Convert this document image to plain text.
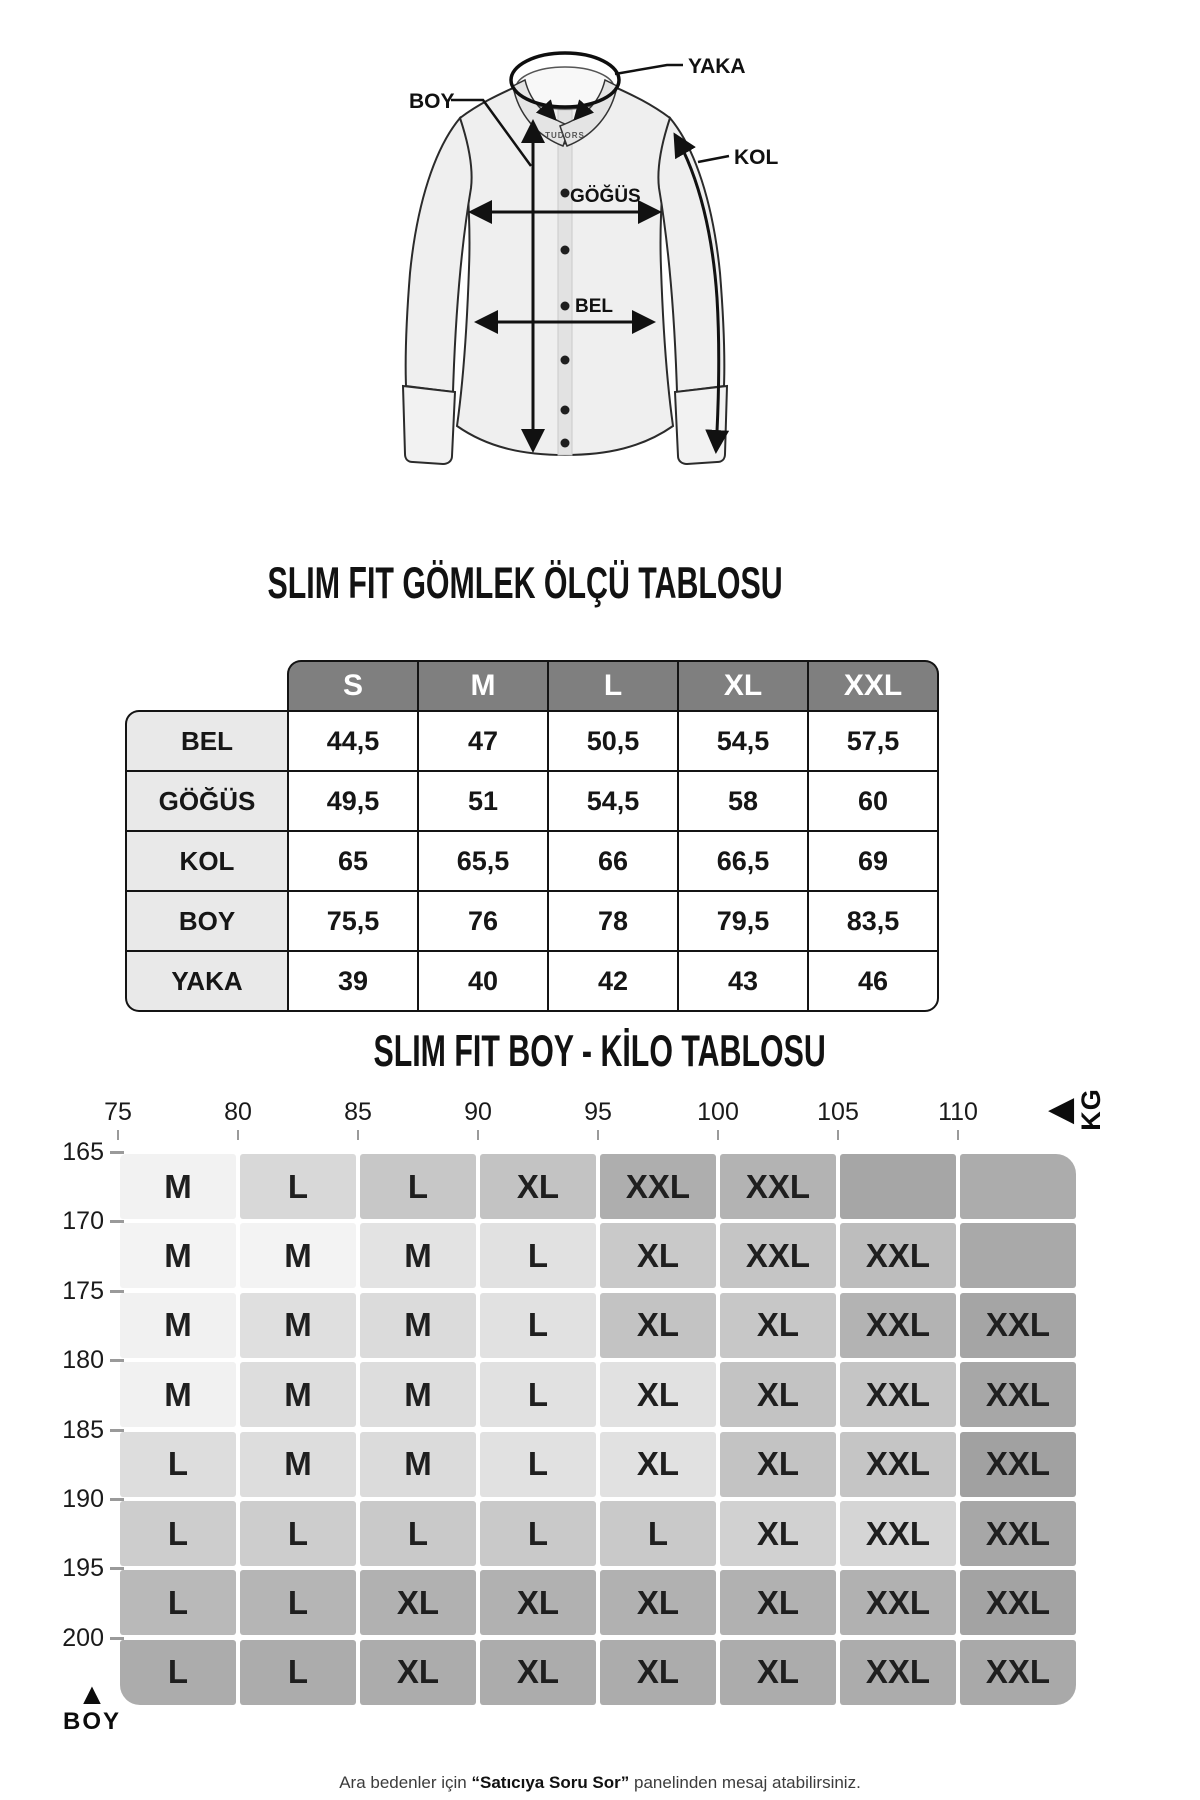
TUDORS
BOY
YAKA
KOL
GÖĞÜS
BEL
SLIM FIT GÖMLEK ÖLÇÜ TABLOSU
	S	M	L	XL	XXL
BEL	44,5	47	50,5	54,5	57,5
GÖĞÜS	49,5	51	54,5	58	60
KOL	65	65,5	66	66,5	69
BOY	75,5	76	78	79,5	83,5
YAKA	39	40	42	43	46
SLIM FIT BOY - KİLO TABLOSU
75	80	85	90	95	100	105	110
165
170
175
180
185
190
195
200
M	L	L	XL XXL XXL
M	M	M	L	XL XXL XXL
M	M	M	L	XL XL XXL XXL
M	M	M	L	XL XL XXL XXL
L	M	M	L	XL XL XXL XXL
L	L	L	L	L	XL XXL XXL
L	L	XL XL XL XL XXL XXL
L	L	XL XL XL XL XXL XXL
◀ KG
▲
BOY

Ara bedenler için “Satıcıya Soru Sor” panelinden mesaj atabilirsiniz.
